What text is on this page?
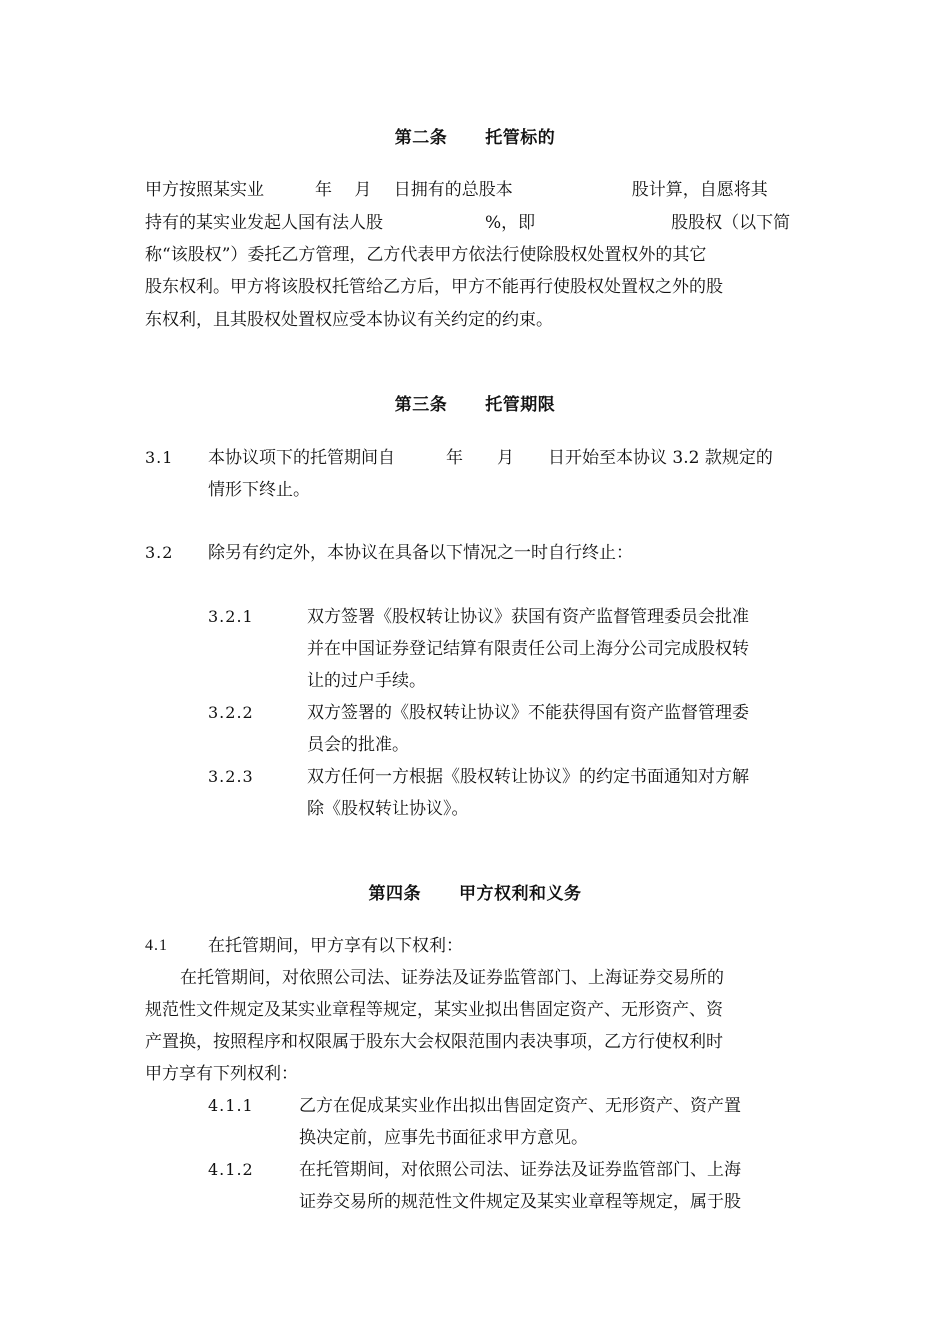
第二条 托管标的
甲方按照某实业　　　年　 月　 日拥有的总股本　　　　　　　股计算，自愿将其
持有的某实业发起人国有法人股　　　　　　%，即　　　　　　　　股股权（以下简
称“该股权”）委托乙方管理，乙方代表甲方依法行使除股权处置权外的其它
股东权利。甲方将该股权托管给乙方后，甲方不能再行使股权处置权之外的股
东权利，且其股权处置权应受本协议有关约定的约束。
第三条 托管期限
3.1 本协议项下的托管期间自　　　年　　月　　日开始至本协议 3.2 款规定的
情形下终止。
3.2 除另有约定外，本协议在具备以下情况之一时自行终止：
3.2.1	双方签署《股权转让协议》获国有资产监督管理委员会批准
并在中国证券登记结算有限责任公司上海分公司完成股权转
让的过户手续。
3.2.2	双方签署的《股权转让协议》不能获得国有资产监督管理委
员会的批准。
3.2.3	双方任何一方根据《股权转让协议》的约定书面通知对方解
除《股权转让协议》。
第四条 甲方权利和义务
4.1 在托管期间，甲方享有以下权利：
在托管期间，对依照公司法、证券法及证券监管部门、上海证券交易所的
规范性文件规定及某实业章程等规定，某实业拟出售固定资产、无形资产、资
产置换，按照程序和权限属于股东大会权限范围内表决事项，乙方行使权利时
甲方享有下列权利：
4.1.1	乙方在促成某实业作出拟出售固定资产、无形资产、资产置
换决定前，应事先书面征求甲方意见。
4.1.2	在托管期间，对依照公司法、证券法及证券监管部门、上海
证券交易所的规范性文件规定及某实业章程等规定，属于股
